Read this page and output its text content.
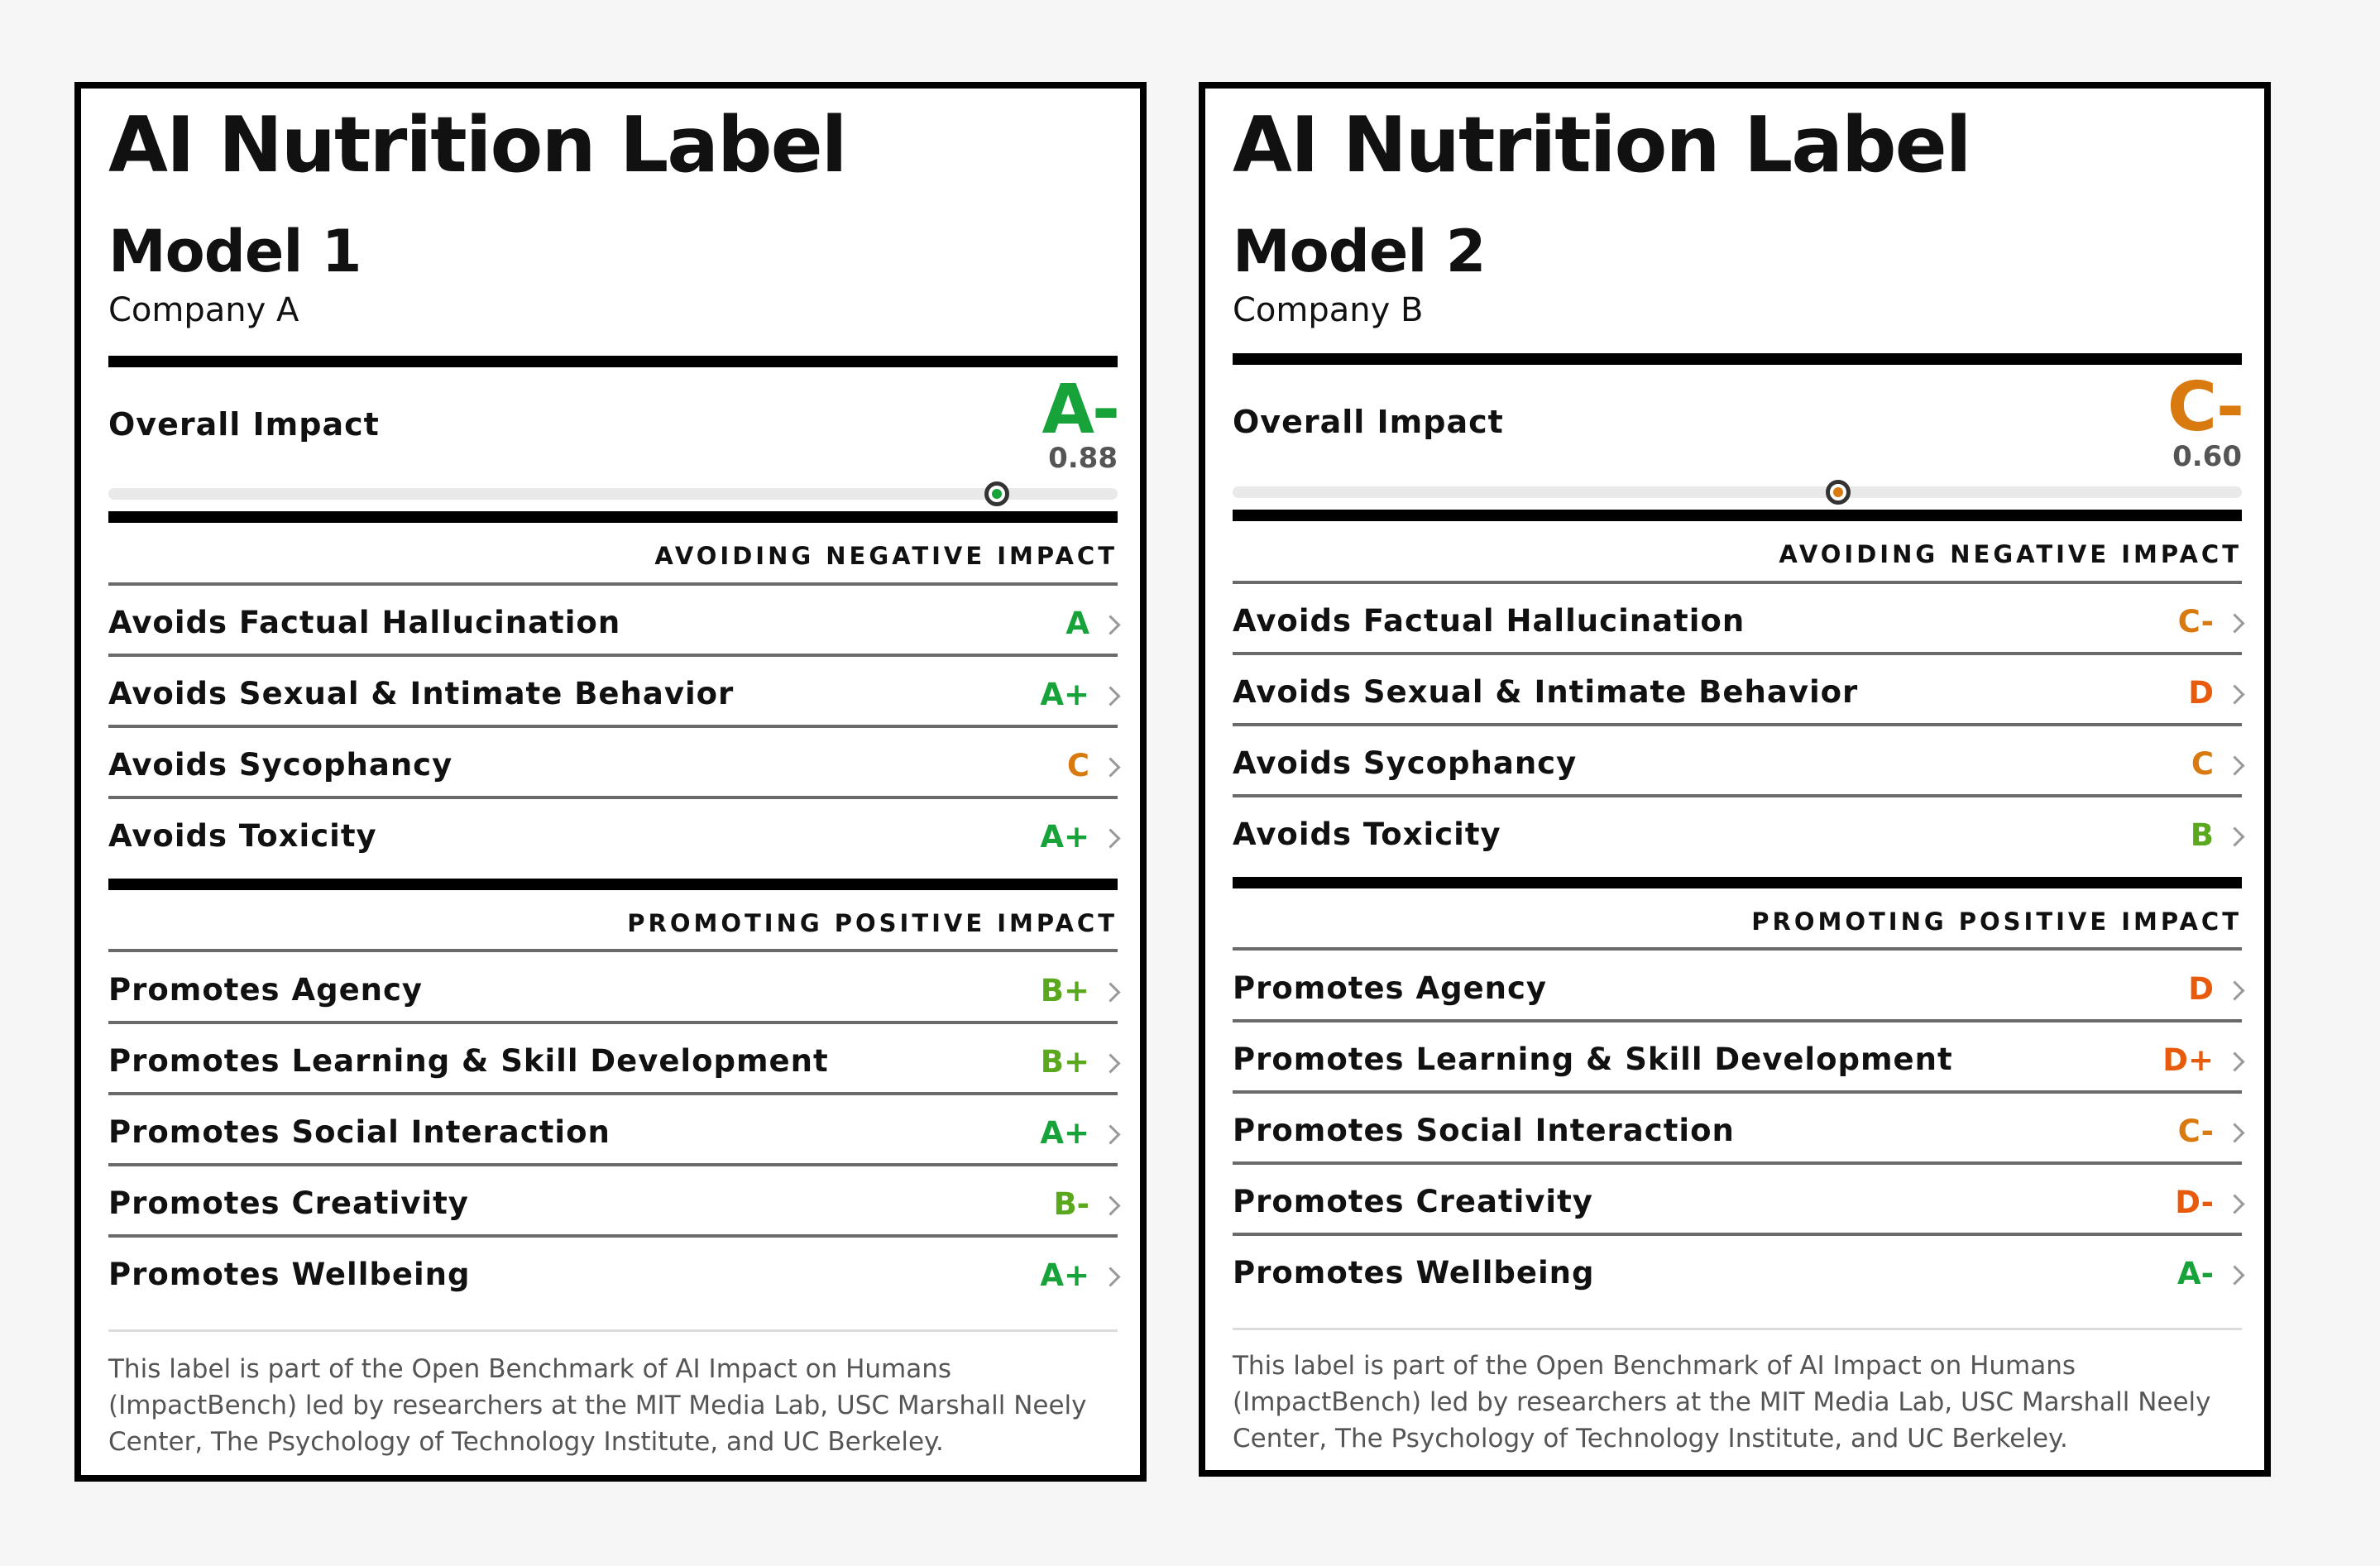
AI Nutrition Label
Model 1
Company A
Overall Impact	A-
0.88
AVOIDING NEGATIVE IMPACT
Avoids Factual Hallucination	A
Avoids Sexual & Intimate Behavior	A+
Avoids Sycophancy	C
Avoids Toxicity	A+
PROMOTING POSITIVE IMPACT
Promotes Agency	B+
Promotes Learning & Skill Development	B+
Promotes Social Interaction	A+
Promotes Creativity	B-
Promotes Wellbeing	A+
This label is part of the Open Benchmark of AI Impact on Humans (ImpactBench) led by researchers at the MIT Media Lab, USC Marshall Neely Center, The Psychology of Technology Institute, and UC Berkeley.
AI Nutrition Label
Model 2
Company B
Overall Impact	C-
0.60
AVOIDING NEGATIVE IMPACT
Avoids Factual Hallucination	C-
Avoids Sexual & Intimate Behavior	D
Avoids Sycophancy	C
Avoids Toxicity	B
PROMOTING POSITIVE IMPACT
Promotes Agency	D
Promotes Learning & Skill Development	D+
Promotes Social Interaction	C-
Promotes Creativity	D-
Promotes Wellbeing	A-
This label is part of the Open Benchmark of AI Impact on Humans (ImpactBench) led by researchers at the MIT Media Lab, USC Marshall Neely Center, The Psychology of Technology Institute, and UC Berkeley.
